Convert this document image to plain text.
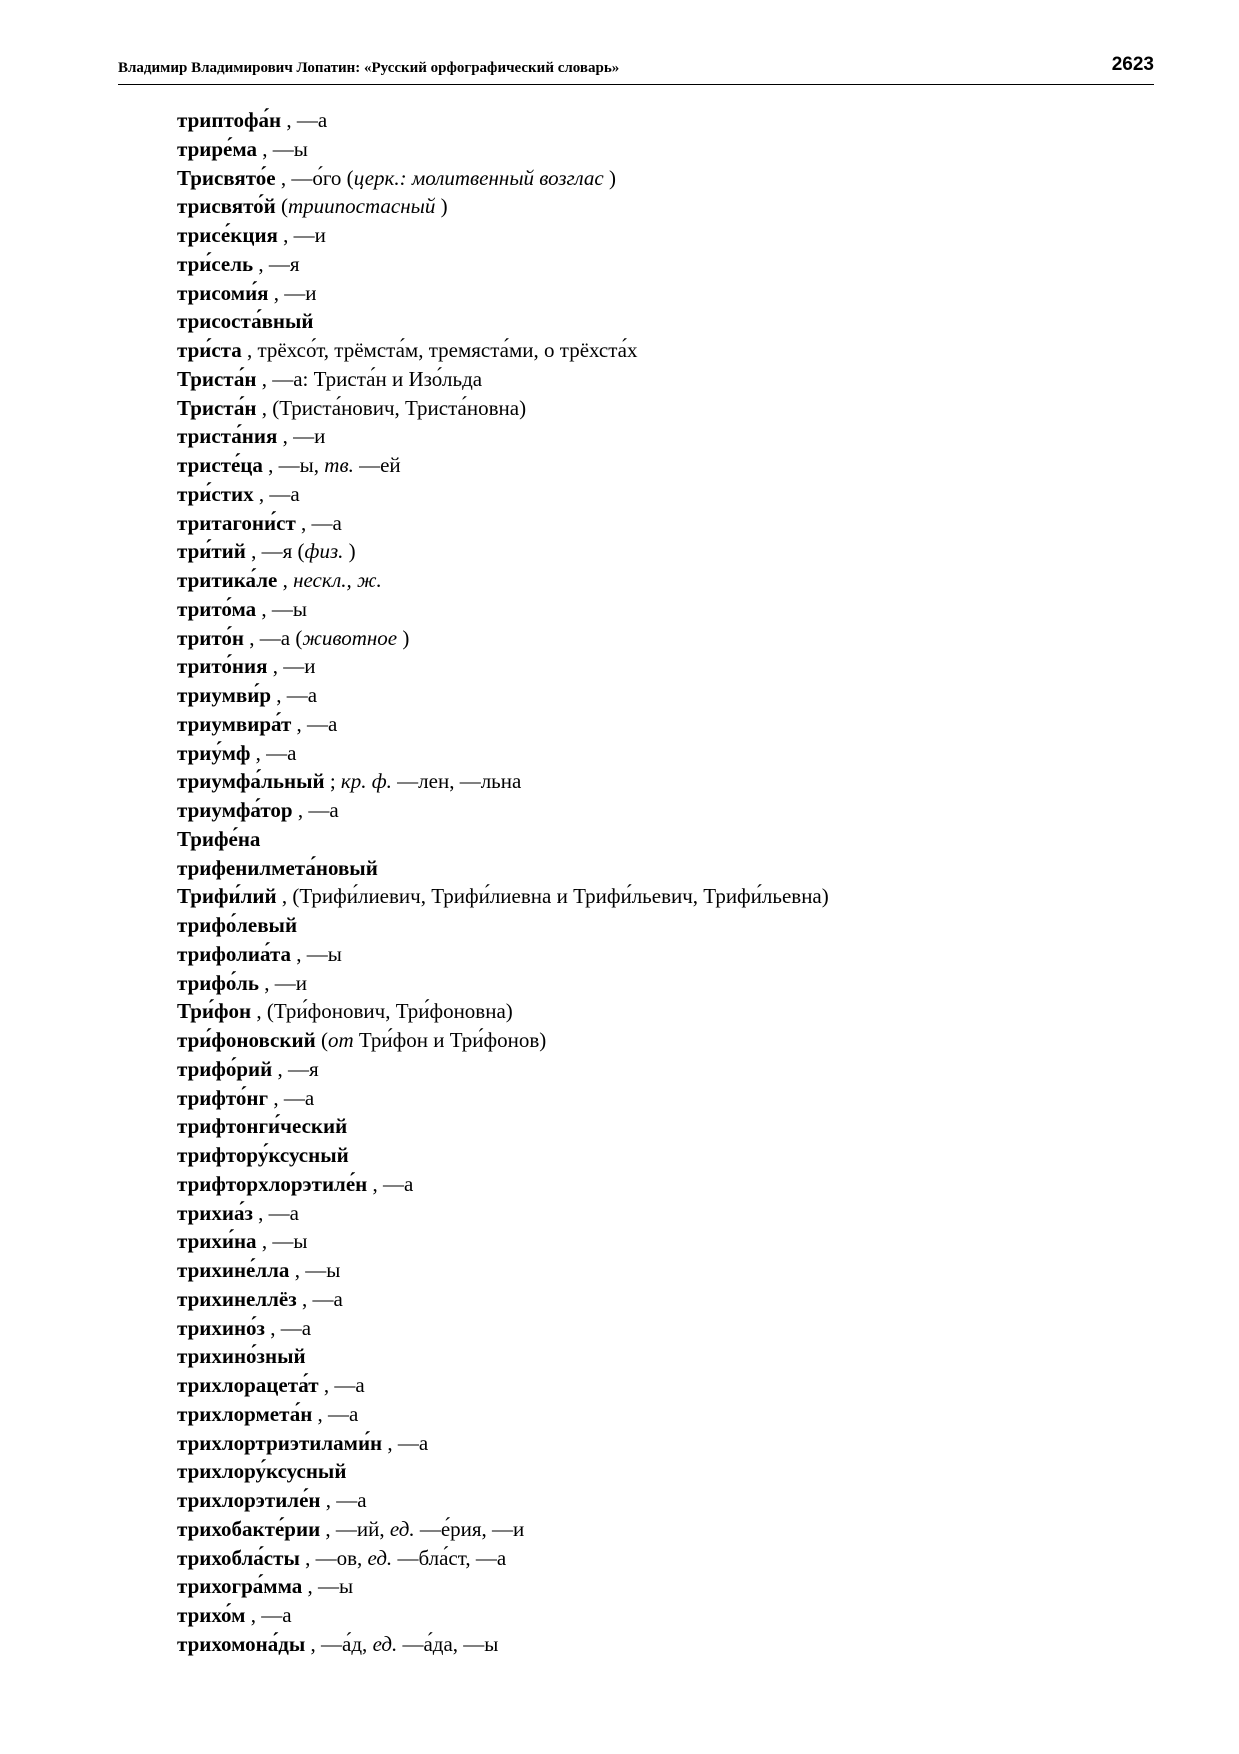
Владимир Владимирович Лопатин: «Русский орфографический словарь»	2623
триптофа́н , —а
трире́ма , —ы
Трисвято́е , —о́го (церк.: молитвенный возглас )
трисвято́й (триипостасный )
трисе́кция , —и
три́сель , —я
трисоми́я , —и
трисоста́вный
три́ста , трёхсо́т, трёмста́м, тремяста́ми, о трёхста́х
Триста́н , —а: Триста́н и Изо́льда
Триста́н , (Триста́нович, Триста́новна)
триста́ния , —и
тристе́ца , —ы, тв. —ей
три́стих , —а
тритагони́ст , —а
три́тий , —я (физ. )
тритика́ле , нескл., ж.
трито́ма , —ы
трито́н , —а (животное )
трито́ния , —и
триумви́р , —а
триумвира́т , —а
триу́мф , —а
триумфа́льный ; кр. ф. —лен, —льна
триумфа́тор , —а
Трифе́на
трифенилмета́новый
Трифи́лий , (Трифи́лиевич, Трифи́лиевна и Трифи́льевич, Трифи́льевна)
трифо́левый
трифолиа́та , —ы
трифо́ль , —и
Три́фон , (Три́фонович, Три́фоновна)
три́фоновский (от Три́фон и Три́фонов)
трифо́рий , —я
трифто́нг , —а
трифтонги́ческий
трифтору́ксусный
трифторхлорэтиле́н , —а
трихиа́з , —а
трихи́на , —ы
трихине́лла , —ы
трихинеллёз , —а
трихино́з , —а
трихино́зный
трихлорацета́т , —а
трихлормета́н , —а
трихлортриэтилами́н , —а
трихлору́ксусный
трихлорэтиле́н , —а
трихобакте́рии , —ий, ед. —е́рия, —и
трихобла́сты , —ов, ед. —бла́ст, —а
трихогра́мма , —ы
трихо́м , —а
трихомона́ды , —а́д, ед. —а́да, —ы
